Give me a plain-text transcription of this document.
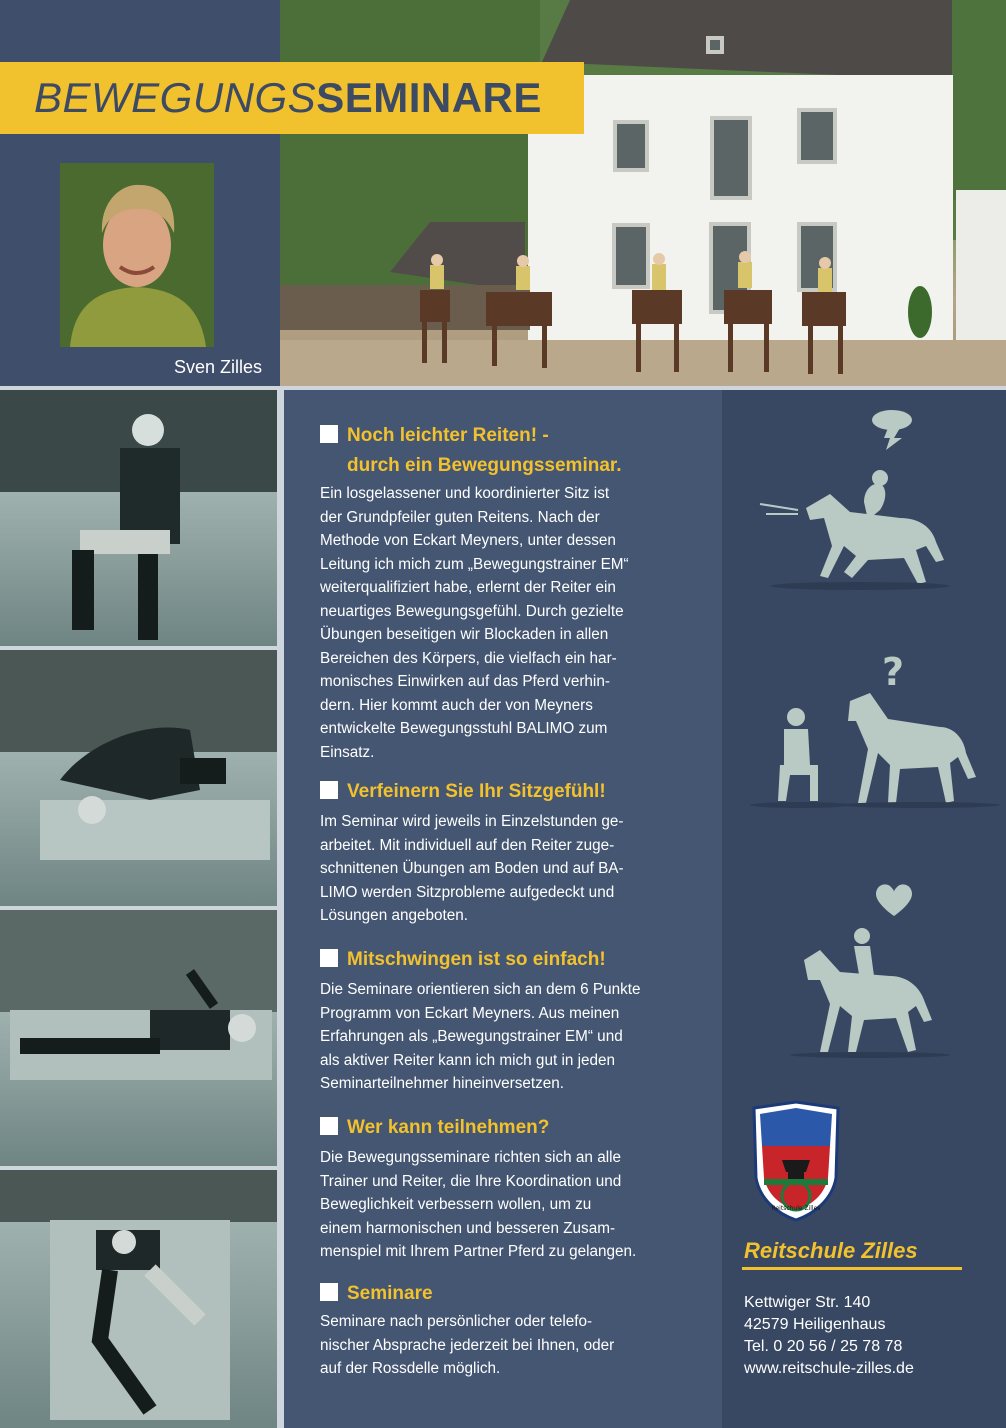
BEWEGUNGSSEMINARE
Sven Zilles
Noch leichter Reiten! -
durch ein Bewegungsseminar.
Ein losgelassener und koordinierter Sitz ist
der Grundpfeiler guten Reitens. Nach der
Methode von Eckart Meyners, unter dessen
Leitung ich mich zum „Bewegungstrainer EM“
weiterqualifiziert habe, erlernt der Reiter ein
neuartiges Bewegungsgefühl. Durch gezielte
Übungen beseitigen wir Blockaden in allen
Bereichen des Körpers, die vielfach ein har-
monisches Einwirken auf das Pferd verhin-
dern. Hier kommt auch der von Meyners
entwickelte Bewegungsstuhl BALIMO zum
Einsatz.
Verfeinern Sie Ihr Sitzgefühl!
Im Seminar wird jeweils in Einzelstunden ge-
arbeitet. Mit individuell auf den Reiter zuge-
schnittenen Übungen am Boden und auf BA-
LIMO werden Sitzprobleme aufgedeckt und
Lösungen angeboten.
Mitschwingen ist so einfach!
Die Seminare orientieren sich an dem 6 Punkte
Programm von Eckart Meyners. Aus meinen
Erfahrungen als „Bewegungstrainer EM“ und
als aktiver Reiter kann ich mich gut in jeden
Seminarteilnehmer hineinversetzen.
Wer kann teilnehmen?
Die Bewegungsseminare richten sich an alle
Trainer und Reiter, die Ihre Koordination und
Beweglichkeit verbessern wollen, um zu
einem harmonischen und besseren Zusam-
menspiel mit Ihrem Partner Pferd zu gelangen.
Seminare
Seminare nach persönlicher oder telefo-
nischer Absprache jederzeit bei Ihnen, oder
auf der Rossdelle möglich.
?
Reitschule Zilles
Reitschule Zilles
Kettwiger Str. 140
42579 Heiligenhaus
Tel. 0 20 56 / 25 78 78
www.reitschule-zilles.de
